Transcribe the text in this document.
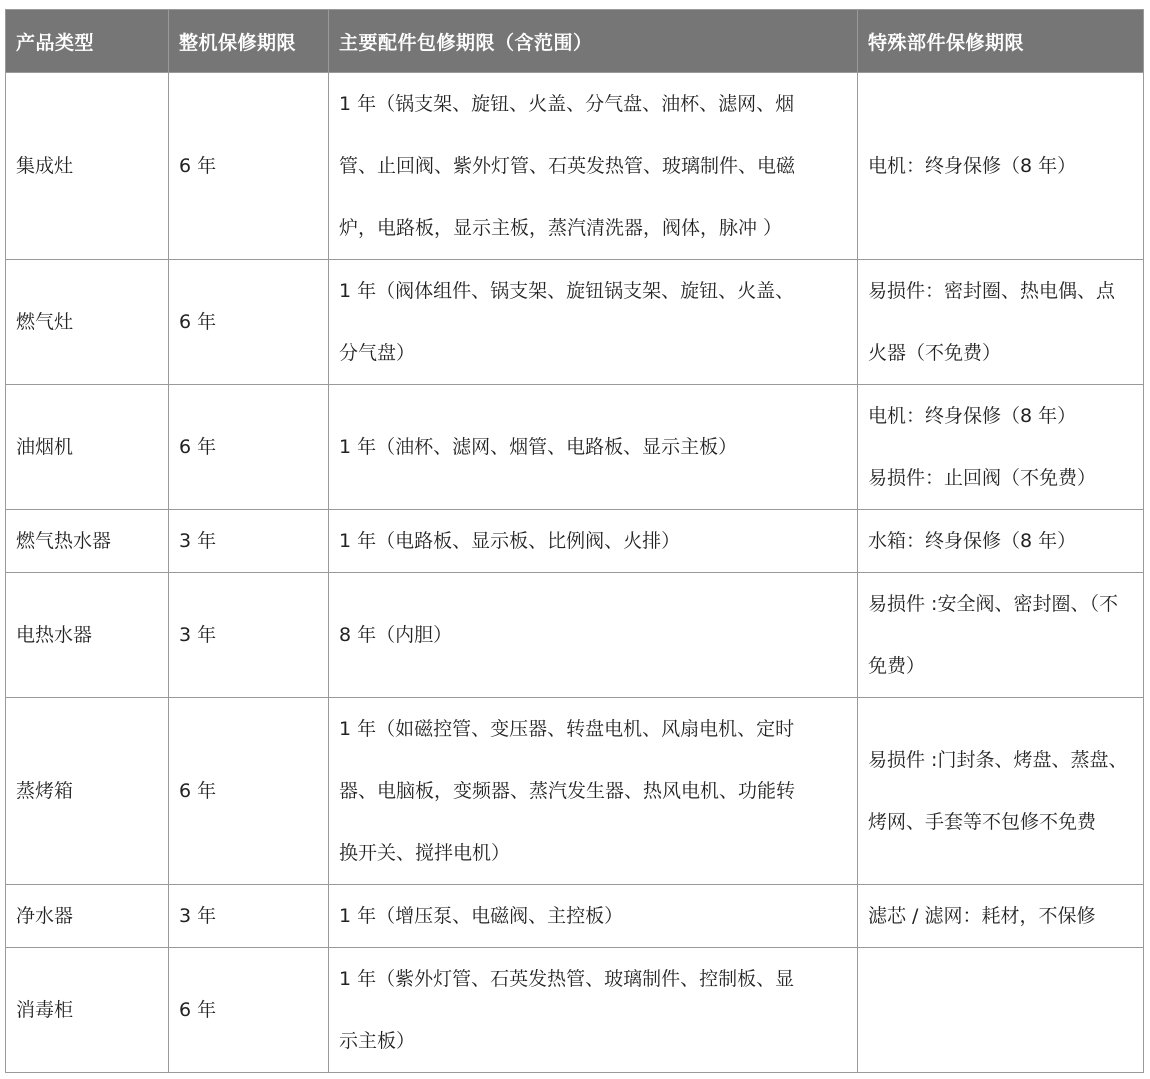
产品类型	整机保修期限	主要配件包修期限（含范围）	特殊部件保修期限
集成灶	6 年	1 年（锅支架、旋钮、火盖、分气盘、油杯、滤网、烟
管、止回阀、紫外灯管、石英发热管、玻璃制件、电磁
炉，电路板，显示主板，蒸汽清洗器，阀体，脉冲 ）	电机：终身保修（8 年）
燃气灶	6 年	1 年（阀体组件、锅支架、旋钮锅支架、旋钮、火盖、
分气盘）	易损件：密封圈、热电偶、点
火器（不免费）
油烟机	6 年	1 年（油杯、滤网、烟管、电路板、显示主板）	电机：终身保修（8 年）
易损件：止回阀（不免费）
燃气热水器	3 年	1 年（电路板、显示板、比例阀、火排）	水箱：终身保修（8 年）
电热水器	3 年	8 年（内胆）	易损件 :安全阀、密封圈、（不
免费）
蒸烤箱	6 年	1 年（如磁控管、变压器、转盘电机、风扇电机、定时
器、电脑板，变频器、蒸汽发生器、热风电机、功能转
换开关、搅拌电机）	易损件 :门封条、烤盘、蒸盘、
烤网、手套等不包修不免费
净水器	3 年	1 年（增压泵、电磁阀、主控板）	滤芯 / 滤网：耗材，不保修
消毒柜	6 年	1 年（紫外灯管、石英发热管、玻璃制件、控制板、显
示主板）	
